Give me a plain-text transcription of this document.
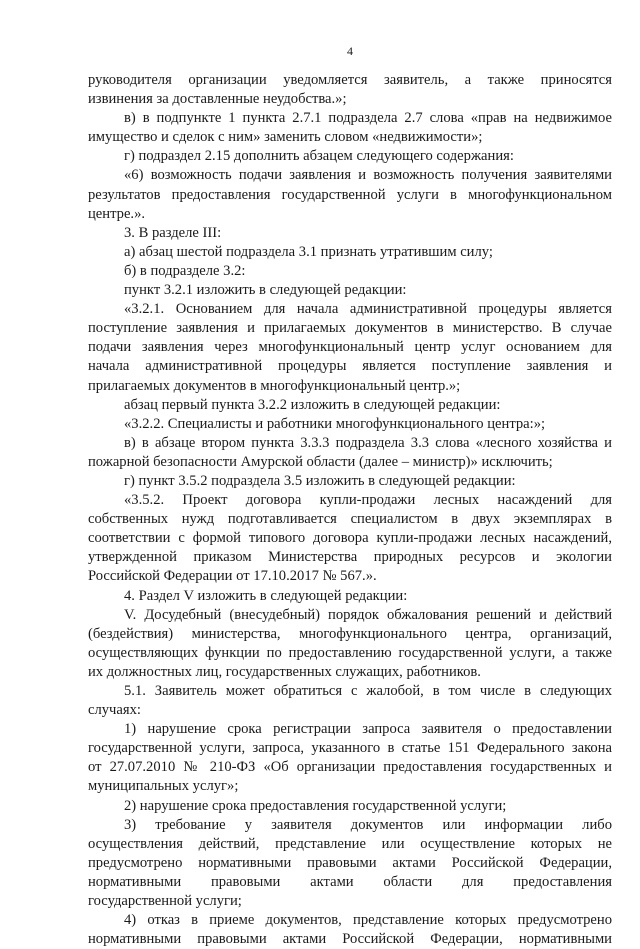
4
руководителя организации уведомляется заявитель, а также приносятся
извинения за доставленные неудобства.»;
в) в подпункте 1 пункта 2.7.1 подраздела 2.7 слова «прав на недвижимое
имущество и сделок с ним» заменить словом «недвижимости»;
г) подраздел 2.15 дополнить абзацем следующего содержания:
«6) возможность подачи заявления и возможность получения заявителями
результатов предоставления государственной услуги в многофункциональном
центре.».
3. В разделе III:
а) абзац шестой подраздела 3.1 признать утратившим силу;
б) в подразделе 3.2:
пункт 3.2.1 изложить в следующей редакции:
«3.2.1. Основанием для начала административной процедуры является
поступление заявления и прилагаемых документов в министерство. В случае
подачи заявления через многофункциональный центр услуг основанием для
начала административной процедуры является поступление заявления и
прилагаемых документов в многофункциональный центр.»;
абзац первый пункта 3.2.2 изложить в следующей редакции:
«3.2.2. Специалисты и работники многофункционального центра:»;
в) в абзаце втором пункта 3.3.3 подраздела 3.3 слова «лесного хозяйства и
пожарной безопасности Амурской области (далее – министр)» исключить;
г) пункт 3.5.2 подраздела 3.5 изложить в следующей редакции:
«3.5.2. Проект договора купли-продажи лесных насаждений для
собственных нужд подготавливается специалистом в двух экземплярах в
соответствии с формой типового договора купли-продажи лесных насаждений,
утвержденной приказом Министерства природных ресурсов и экологии
Российской Федерации от 17.10.2017 № 567.».
4. Раздел V изложить в следующей редакции:
V. Досудебный (внесудебный) порядок обжалования решений и действий
(бездействия) министерства, многофункционального центра, организаций,
осуществляющих функции по предоставлению государственной услуги, а также
их должностных лиц, государственных служащих, работников.
5.1. Заявитель может обратиться с жалобой, в том числе в следующих
случаях:
1) нарушение срока регистрации запроса заявителя о предоставлении
государственной услуги, запроса, указанного в статье 151 Федерального закона
от 27.07.2010 № 210-ФЗ «Об организации предоставления государственных и
муниципальных услуг»;
2) нарушение срока предоставления государственной услуги;
3) требование у заявителя документов или информации либо
осуществления действий, представление или осуществление которых не
предусмотрено нормативными правовыми актами Российской Федерации,
нормативными правовыми актами области для предоставления
государственной услуги;
4) отказ в приеме документов, представление которых предусмотрено
нормативными правовыми актами Российской Федерации, нормативными
